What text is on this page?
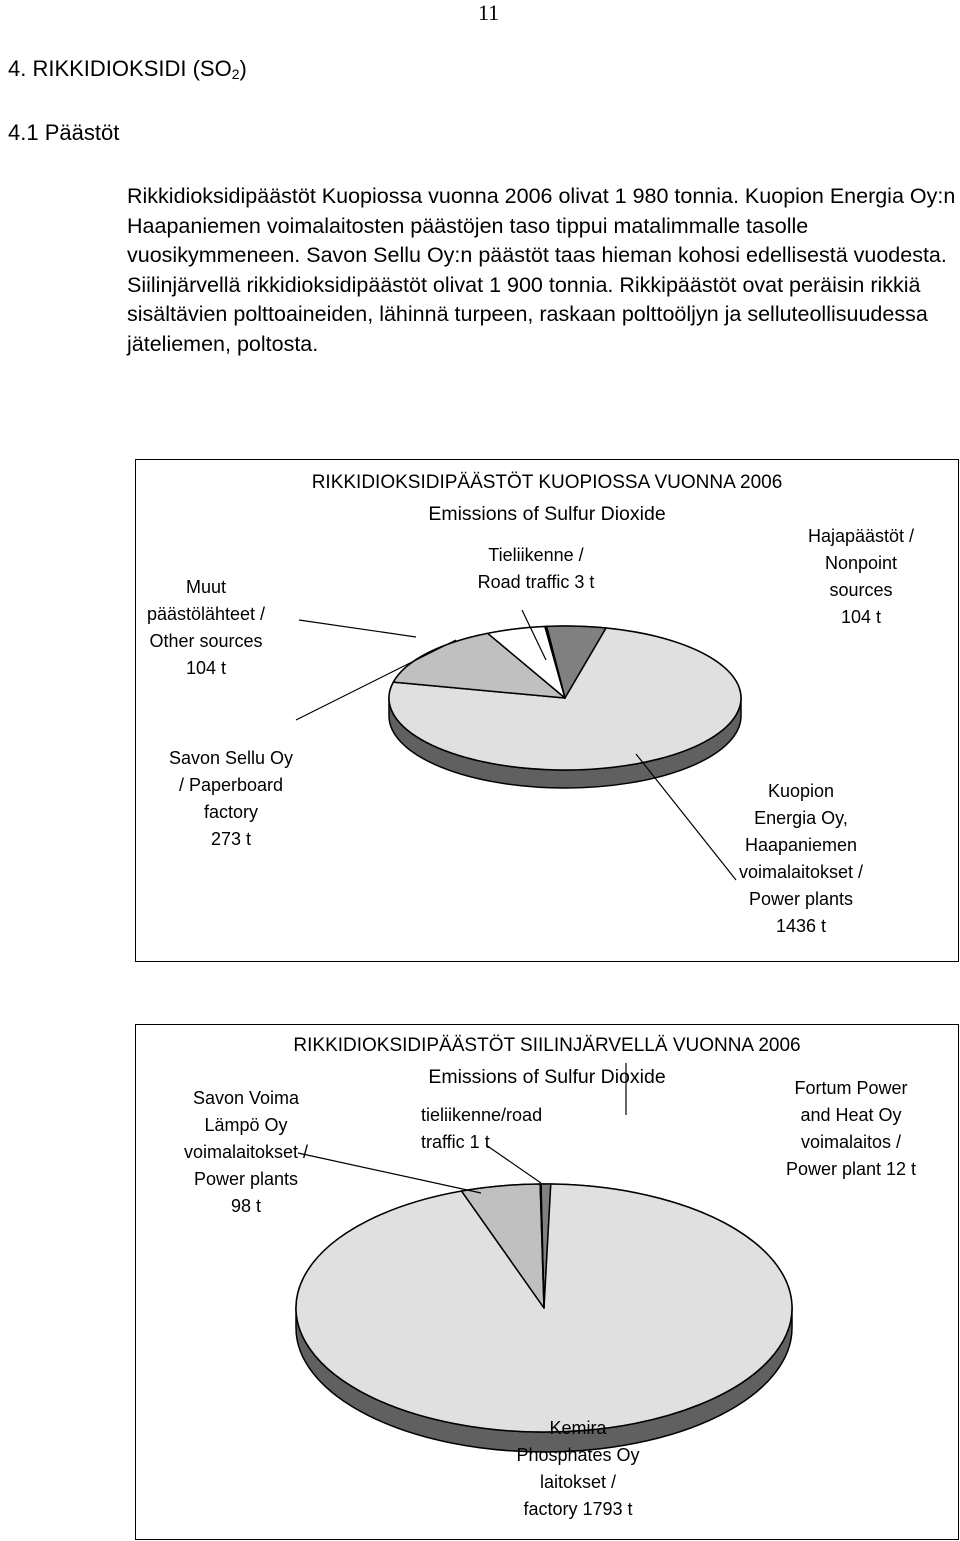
11
4. RIKKIDIOKSIDI $(SO_2)$
4.1 Päästöt

Rikkidioksidipäästöt Kuopiossa vuonna 2006 olivat 1 980 tonnia. Kuopion Energia Oy:n Haapaniemen voimalaitosten päästöjen taso tippui matalimmalle tasolle vuosikymmeneen. Savon Sellu Oy:n päästöt taas hieman kohosi edellisestä vuodesta. Siilinjärvellä rikkidioksidipäästöt olivat 1 900 tonnia. Rikkipäästöt ovat peräisin rikkiä sisältävien polttoaineiden, lähinnä turpeen, raskaan polttoöljyn ja selluteollisuudessa jäteliemen, poltosta.

RIKKIDIOKSIDIPÄÄSTÖT KUOPIOSSA VUONNA 2006
Emissions of Sulfur Dioxide
Hajapäästöt /
Nonpoint
sources
104 t
Kuopion
Energia Oy,
Haapaniemen
voimalaitokset /
Power plants
1436 t
Savon Sellu Oy
/ Paperboard
factory
273 t
Muut
päästölähteet /
Other sources
104 t
Tieliikenne /
Road traffic 3 t
RIKKIDIOKSIDIPÄÄSTÖT SIILINJÄRVELLÄ VUONNA 2006
Emissions of Sulfur Dioxide	Fortum Power
and Heat Oy
voimalaitos /
Power plant 12 t
Kemira
Phosphates Oy
laitokset /
factory 1793 t
Savon Voima
Lämpö Oy
voimalaitokset /
Power plants
98 t
tieliikenne/road
traffic 1 t
